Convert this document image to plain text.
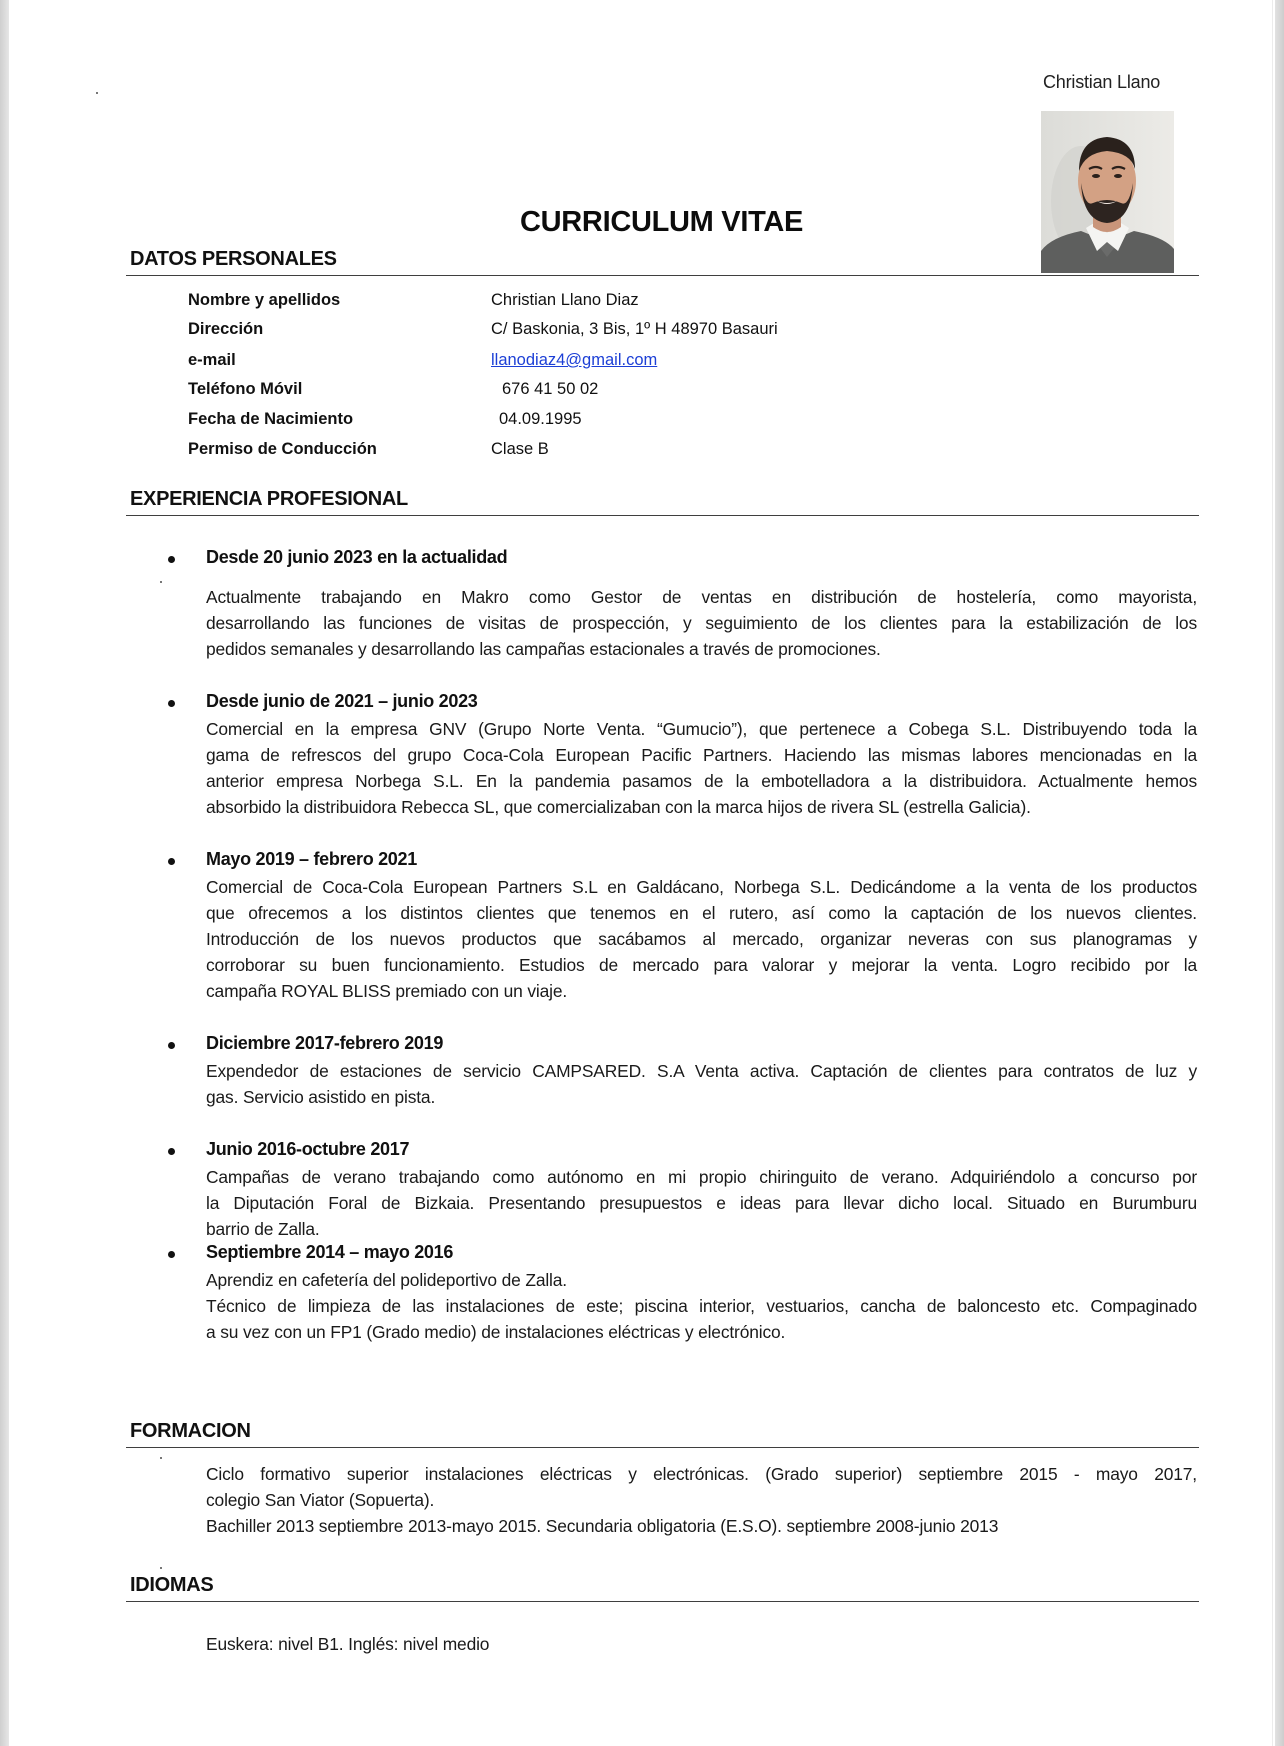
Christian Llano
CURRICULUM VITAE
DATOS PERSONALES
Nombre y apellidos	Christian Llano Diaz
Dirección	C/ Baskonia, 3 Bis, 1º H 48970 Basauri
e-mail	llanodiaz4@gmail.com
Teléfono Móvil	676 41 50 02
Fecha de Nacimiento	04.09.1995
Permiso de Conducción	Clase B
EXPERIENCIA PROFESIONAL
Desde 20 junio 2023 en la actualidad
Actualmente trabajando en Makro como Gestor de ventas en distribución de hostelería, como mayorista,
desarrollando las funciones de visitas de prospección, y seguimiento de los clientes para la estabilización de los
pedidos semanales y desarrollando las campañas estacionales a través de promociones.
Desde junio de 2021 – junio 2023
Comercial en la empresa GNV (Grupo Norte Venta. “Gumucio”), que pertenece a Cobega S.L. Distribuyendo toda la
gama de refrescos del grupo Coca-Cola European Pacific Partners. Haciendo las mismas labores mencionadas en la
anterior empresa Norbega S.L. En la pandemia pasamos de la embotelladora a la distribuidora. Actualmente hemos
absorbido la distribuidora Rebecca SL, que comercializaban con la marca hijos de rivera SL (estrella Galicia).
Mayo 2019 – febrero 2021
Comercial de Coca-Cola European Partners S.L en Galdácano, Norbega S.L. Dedicándome a la venta de los productos
que ofrecemos a los distintos clientes que tenemos en el rutero, así como la captación de los nuevos clientes.
Introducción de los nuevos productos que sacábamos al mercado, organizar neveras con sus planogramas y
corroborar su buen funcionamiento. Estudios de mercado para valorar y mejorar la venta. Logro recibido por la
campaña ROYAL BLISS premiado con un viaje.
Diciembre 2017-febrero 2019
Expendedor de estaciones de servicio CAMPSARED. S.A Venta activa. Captación de clientes para contratos de luz y
gas. Servicio asistido en pista.
Junio 2016-octubre 2017
Campañas de verano trabajando como autónomo en mi propio chiringuito de verano. Adquiriéndolo a concurso por
la Diputación Foral de Bizkaia. Presentando presupuestos e ideas para llevar dicho local. Situado en Burumburu
barrio de Zalla.
Septiembre 2014 – mayo 2016
Aprendiz en cafetería del polideportivo de Zalla.
Técnico de limpieza de las instalaciones de este; piscina interior, vestuarios, cancha de baloncesto etc. Compaginado
a su vez con un FP1 (Grado medio) de instalaciones eléctricas y electrónico.
FORMACION
Ciclo formativo superior instalaciones eléctricas y electrónicas. (Grado superior) septiembre 2015 - mayo 2017,
colegio San Viator (Sopuerta).
Bachiller 2013 septiembre 2013-mayo 2015. Secundaria obligatoria (E.S.O). septiembre 2008-junio 2013
IDIOMAS
Euskera: nivel B1. Inglés: nivel medio
